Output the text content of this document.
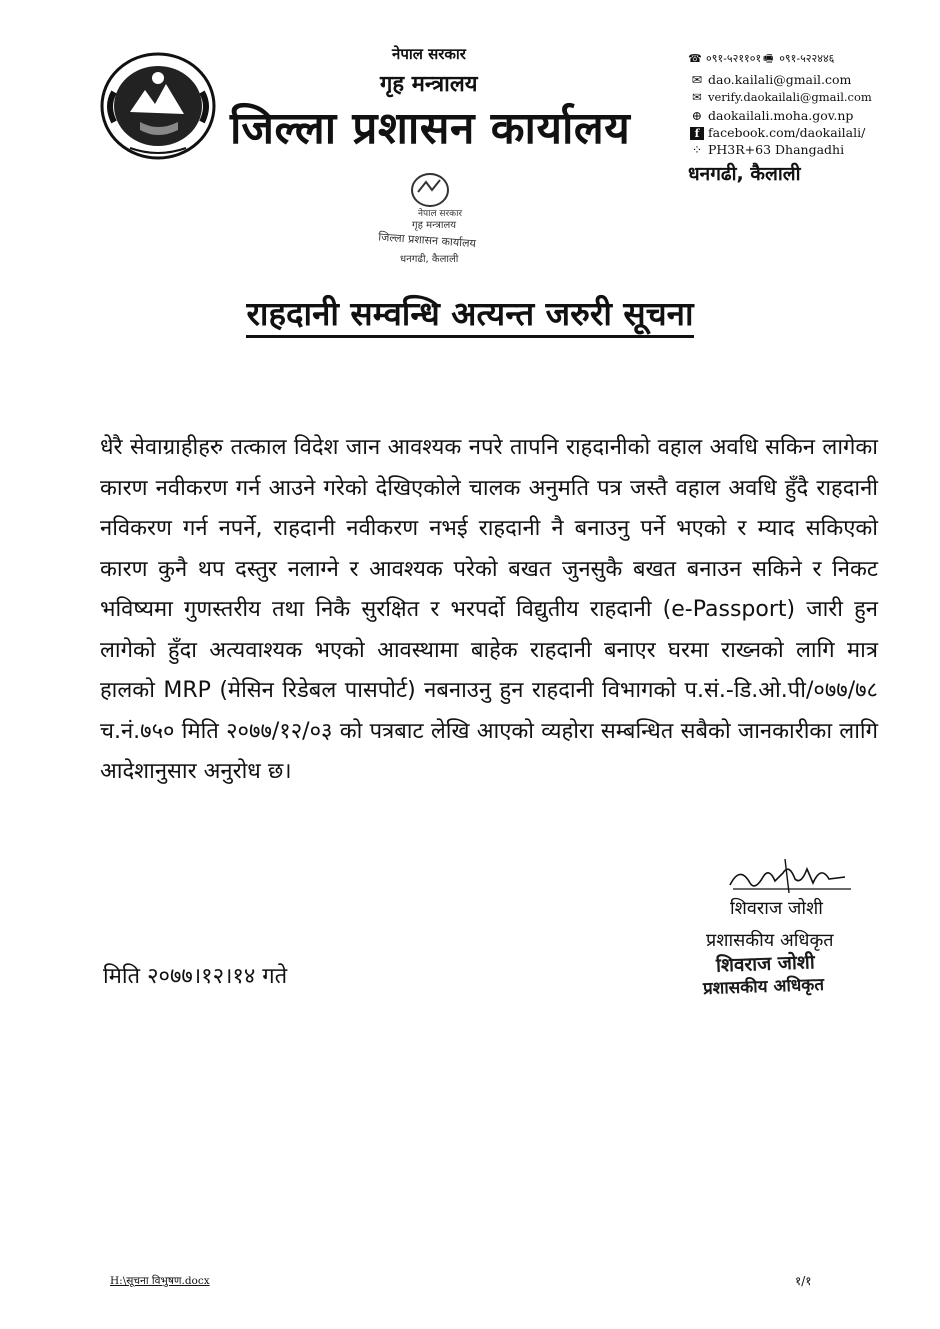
नेपाल सरकार
गृह मन्त्रालय
जिल्ला प्रशासन कार्यालय
☎ ०९१-५२११०१ 🖷 ०९१-५२२४४६
✉ dao.kailali@gmail.com
✉ verify.daokailali@gmail.com
⊕ daokailali.moha.gov.np
f facebook.com/daokailali/
⁘ PH3R+63 Dhangadhi
धनगढी, कैलाली
नेपाल सरकार
गृह मन्त्रालय
जिल्ला प्रशासन कार्यालय
धनगढी, कैलाली
राहदानी सम्वन्धि अत्यन्त जरुरी सूचना
धेरै सेवाग्राहीहरु तत्काल विदेश जान आवश्यक नपरे तापनि राहदानीको वहाल अवधि सकिन लागेका कारण नवीकरण गर्न आउने गरेको देखिएकोले चालक अनुमति पत्र जस्तै वहाल अवधि हुँदै राहदानी नविकरण गर्न नपर्ने, राहदानी नवीकरण नभई राहदानी नै बनाउनु पर्ने भएको र म्याद सकिएको कारण कुनै थप दस्तुर नलाग्ने र आवश्यक परेको बखत जुनसुकै बखत बनाउन सकिने र निकट भविष्यमा गुणस्तरीय तथा निकै सुरक्षित र भरपर्दो विद्युतीय राहदानी (e-Passport) जारी हुन लागेको हुँदा अत्यवाश्यक भएको आवस्थामा बाहेक राहदानी बनाएर घरमा राख्नको लागि मात्र हालको MRP (मेसिन रिडेबल पासपोर्ट) नबनाउनु हुन राहदानी विभागको प.सं.-डि.ओ.पी/०७७/७८ च.नं.७५० मिति २०७७/१२/०३ को पत्रबाट लेखि आएको व्यहोरा सम्बन्धित सबैको जानकारीका लागि आदेशानुसार अनुरोध छ।
शिवराज जोशी
प्रशासकीय अधिकृत
शिवराज जोशी
प्रशासकीय अधिकृत
मिति २०७७।१२।१४ गते
H:\सूचना विभुषण.docx	१/१
